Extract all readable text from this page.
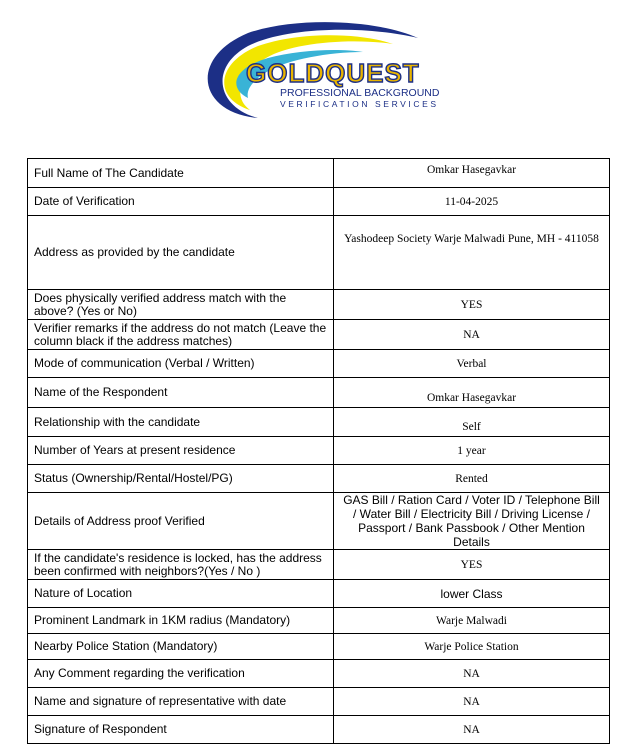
GOLDQUEST
PROFESSIONAL BACKGROUND
VERIFICATION SERVICES
Full Name of The Candidate	Omkar Hasegavkar
Date of Verification	11-04-2025
Address as provided by the candidate	Yashodeep Society Warje Malwadi Pune, MH - 411058
Does physically verified address match with the above? (Yes or No)	YES
Verifier remarks if the address do not match (Leave the column black if the address matches)	NA
Mode of communication (Verbal / Written)	Verbal
Name of the Respondent	Omkar Hasegavkar
Relationship with the candidate	Self
Number of Years at present residence	1 year
Status (Ownership/Rental/Hostel/PG)	Rented
Details of Address proof Verified	GAS Bill / Ration Card / Voter ID / Telephone Bill / Water Bill / Electricity Bill / Driving License / Passport / Bank Passbook / Other Mention Details
If the candidate's residence is locked, has the address been confirmed with neighbors?(Yes / No )	YES
Nature of Location	lower Class
Prominent Landmark in 1KM radius (Mandatory)	Warje Malwadi
Nearby Police Station (Mandatory)	Warje Police Station
Any Comment regarding the verification	NA
Name and signature of representative with date	NA
Signature of Respondent	NA
